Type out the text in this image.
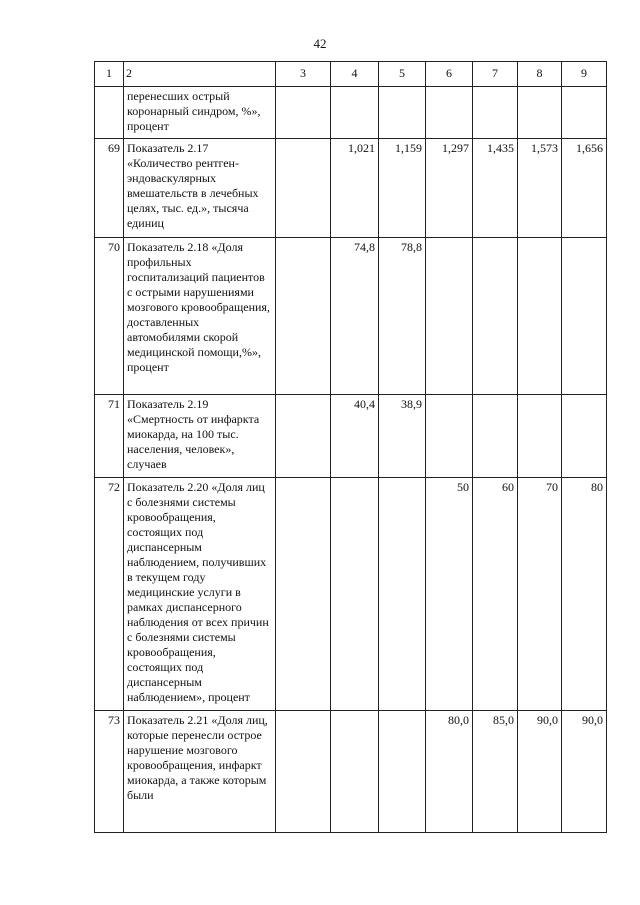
42
1	2	3	4	5	6	7	8	9
	перенесших острый коронарный синдром, %», процент							
69	Показатель 2.17 «Количество рентген-эндоваскулярных вмешательств в лечебных целях, тыс. ед.», тысяча единиц		1,021	1,159	1,297	1,435	1,573	1,656
70	Показатель 2.18 «Доля профильных госпитализаций пациентов с острыми нарушениями мозгового кровообращения, доставленных автомобилями скорой медицинской помощи,%», процент		74,8	78,8				
71	Показатель 2.19 «Смертность от инфаркта миокарда, на 100 тыс. населения, человек», случаев		40,4	38,9				
72	Показатель 2.20 «Доля лиц с болезнями системы кровообращения, состоящих под диспансерным наблюдением, получивших в текущем году медицинские услуги в рамках диспансерного наблюдения от всех причин с болезнями системы кровообращения, состоящих под диспансерным наблюдением», процент				50	60	70	80
73	Показатель 2.21 «Доля лиц, которые перенесли острое нарушение мозгового кровообращения, инфаркт миокарда, а также которым были				80,0	85,0	90,0	90,0
